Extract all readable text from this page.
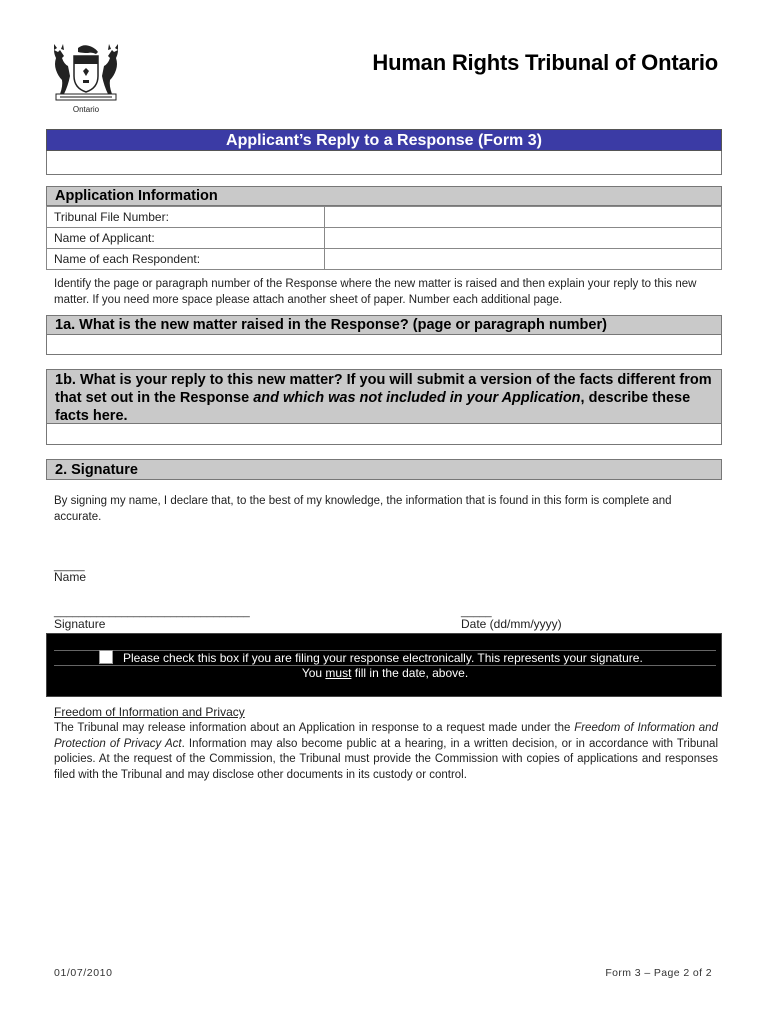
Ontario
Human Rights Tribunal of Ontario
Applicant’s Reply to a Response (Form 3)
Application Information
Tribunal File Number:	
Name of Applicant:	
Name of each Respondent:	
Identify the page or paragraph number of the Response where the new matter is raised and then explain your reply to this new matter. If you need more space please attach another sheet of paper. Number each additional page.
1a. What is the new matter raised in the Response? (page or paragraph number)
1b. What is your reply to this new matter? If you will submit a version of the facts different from that set out in the Response and which was not included in your Application, describe these facts here.
2. Signature
By signing my name, I declare that, to the best of my knowledge, the information that is found in this form is complete and accurate.
_____
Name
________________________________
Signature
_____
Date (dd/mm/yyyy)
Please check this box if you are filing your response electronically. This represents your signature.
You must fill in the date, above.
Freedom of Information and Privacy
The Tribunal may release information about an Application in response to a request made under the Freedom of Information and Protection of Privacy Act. Information may also become public at a hearing, in a written decision, or in accordance with Tribunal policies. At the request of the Commission, the Tribunal must provide the Commission with copies of applications and responses filed with the Tribunal and may disclose other documents in its custody or control.
01/07/2010	Form 3 – Page 2 of 2
